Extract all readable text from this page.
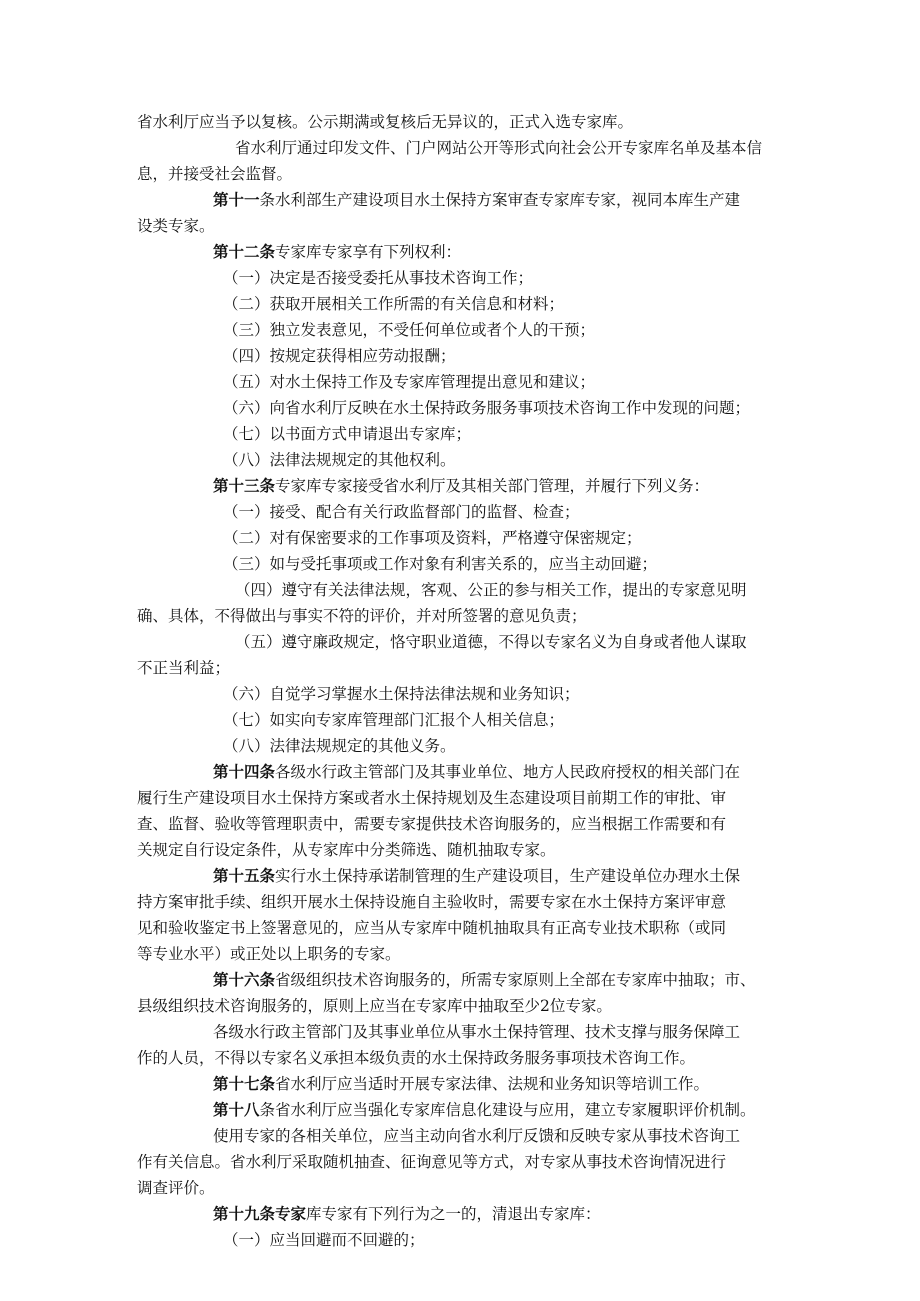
省水利厅应当予以复核。公示期满或复核后无异议的，正式入选专家库。
省水利厅通过印发文件、门户网站公开等形式向社会公开专家库名单及基本信
息，并接受社会监督。
第十一条水利部生产建设项目水土保持方案审查专家库专家，视同本库生产建
设类专家。
第十二条专家库专家享有下列权利：
（一）决定是否接受委托从事技术咨询工作；
（二）获取开展相关工作所需的有关信息和材料；
（三）独立发表意见，不受任何单位或者个人的干预；
（四）按规定获得相应劳动报酬；
（五）对水土保持工作及专家库管理提出意见和建议；
（六）向省水利厅反映在水土保持政务服务事项技术咨询工作中发现的问题；
（七）以书面方式申请退出专家库；
（八）法律法规规定的其他权利。
第十三条专家库专家接受省水利厅及其相关部门管理，并履行下列义务：
（一）接受、配合有关行政监督部门的监督、检查；
（二）对有保密要求的工作事项及资料，严格遵守保密规定；
（三）如与受托事项或工作对象有利害关系的，应当主动回避；
（四）遵守有关法律法规，客观、公正的参与相关工作，提出的专家意见明
确、具体，不得做出与事实不符的评价，并对所签署的意见负责；
（五）遵守廉政规定，恪守职业道德，不得以专家名义为自身或者他人谋取
不正当利益；
（六）自觉学习掌握水土保持法律法规和业务知识；
（七）如实向专家库管理部门汇报个人相关信息；
（八）法律法规规定的其他义务。
第十四条各级水行政主管部门及其事业单位、地方人民政府授权的相关部门在
履行生产建设项目水土保持方案或者水土保持规划及生态建设项目前期工作的审批、审
查、监督、验收等管理职责中，需要专家提供技术咨询服务的，应当根据工作需要和有
关规定自行设定条件，从专家库中分类筛选、随机抽取专家。
第十五条实行水土保持承诺制管理的生产建设项目，生产建设单位办理水土保
持方案审批手续、组织开展水土保持设施自主验收时，需要专家在水土保持方案评审意
见和验收鉴定书上签署意见的，应当从专家库中随机抽取具有正高专业技术职称（或同
等专业水平）或正处以上职务的专家。
第十六条省级组织技术咨询服务的，所需专家原则上全部在专家库中抽取；市、
县级组织技术咨询服务的，原则上应当在专家库中抽取至少2位专家。
各级水行政主管部门及其事业单位从事水土保持管理、技术支撑与服务保障工
作的人员，不得以专家名义承担本级负责的水土保持政务服务事项技术咨询工作。
第十七条省水利厅应当适时开展专家法律、法规和业务知识等培训工作。
第十八条省水利厅应当强化专家库信息化建设与应用，建立专家履职评价机制。
使用专家的各相关单位，应当主动向省水利厅反馈和反映专家从事技术咨询工
作有关信息。省水利厅采取随机抽查、征询意见等方式，对专家从事技术咨询情况进行
调查评价。
第十九条专家库专家有下列行为之一的，清退出专家库：
（一）应当回避而不回避的；
